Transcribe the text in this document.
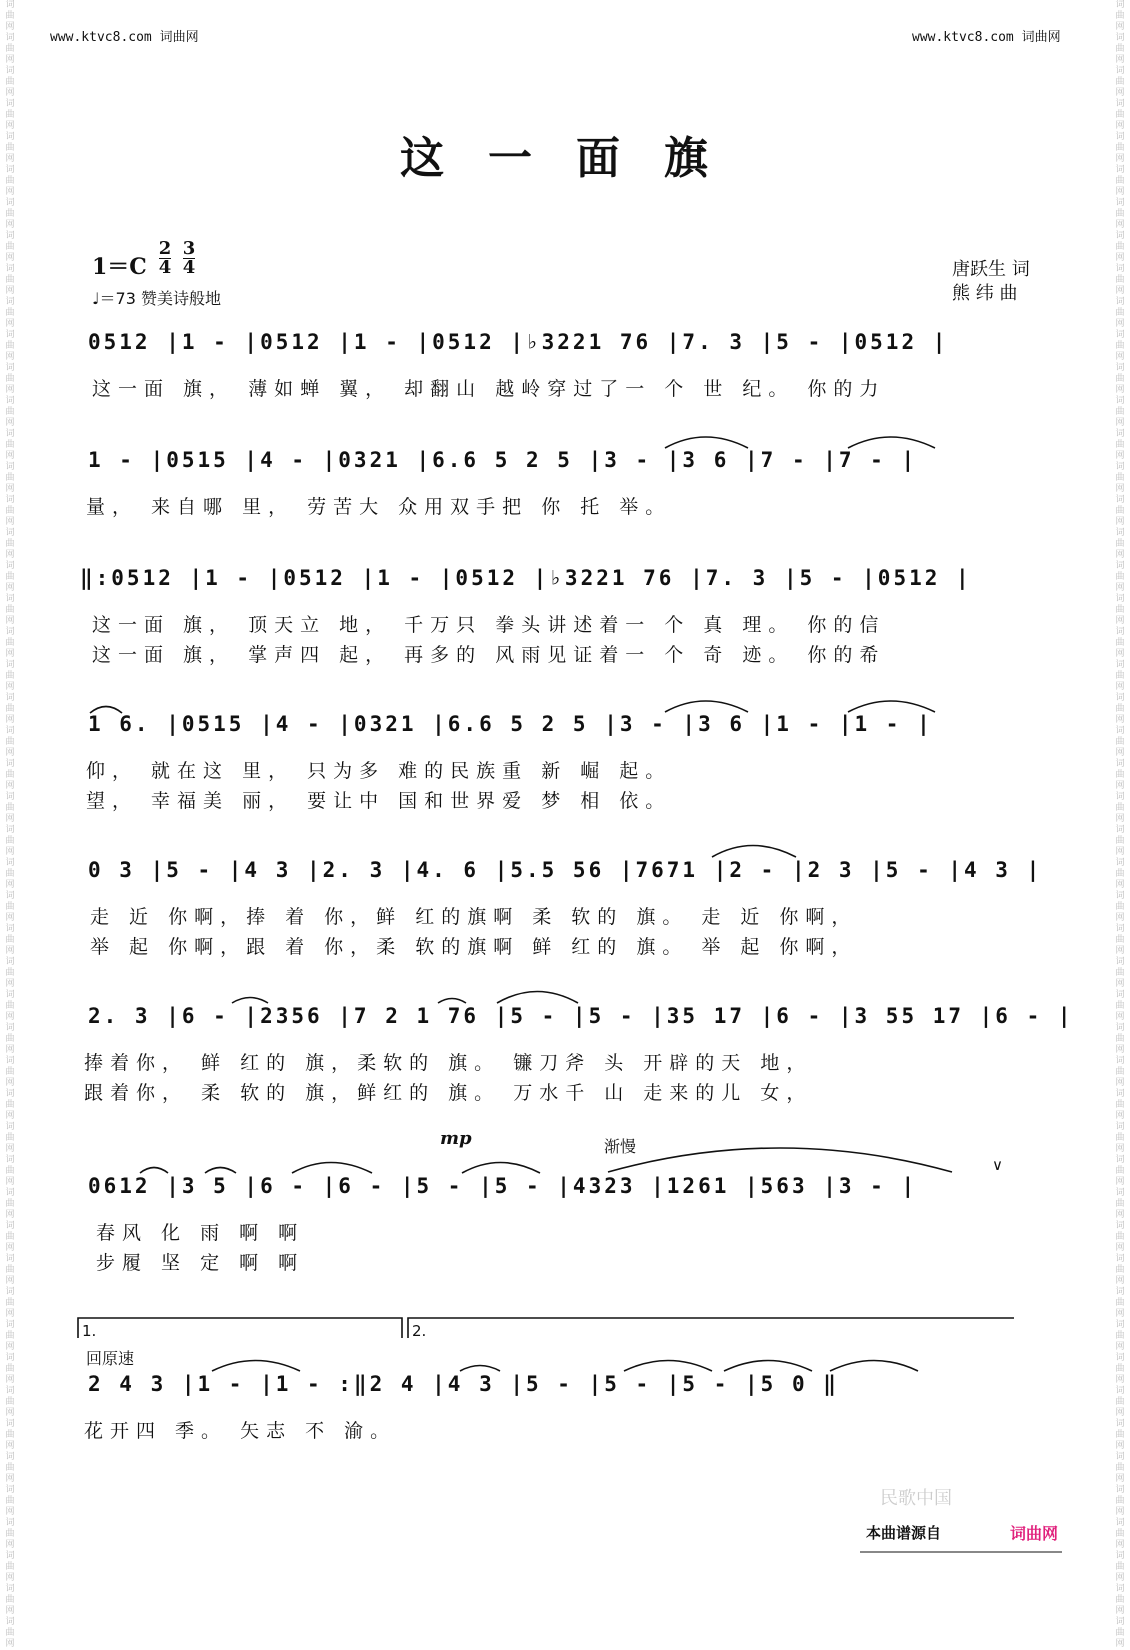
词曲网词曲网词曲网词曲网词曲网词曲网词曲网词曲网词曲网词曲网词曲网词曲网词曲网词曲网词曲网词曲网词曲网词曲网词曲网词曲网词曲网词曲网词曲网词曲网词曲网词曲网词曲网词曲网词曲网词曲网词曲网词曲网词曲网词曲网词曲网词曲网词曲网词曲网词曲网词曲网词曲网词曲网词曲网词曲网词曲网词曲网词曲网词曲网词曲网词曲网
词曲网词曲网词曲网词曲网词曲网词曲网词曲网词曲网词曲网词曲网词曲网词曲网词曲网词曲网词曲网词曲网词曲网词曲网词曲网词曲网词曲网词曲网词曲网词曲网词曲网词曲网词曲网词曲网词曲网词曲网词曲网词曲网词曲网词曲网词曲网词曲网词曲网词曲网词曲网词曲网词曲网词曲网词曲网词曲网词曲网词曲网词曲网词曲网词曲网词曲网
www.ktvc8.com 词曲网	www.ktvc8.com 词曲网
这一面旗
1＝C
2
4
3
4
♩＝73 赞美诗般地
唐跃生 词
熊 纬 曲
0512 |1 - |0512 |1 - |0512 |♭3221 76 |7. 3 |5 - |0512 |
这一面 旗， 薄如蝉 翼， 却翻山 越岭穿过了一 个 世 纪。 你的力
1 - |0515 |4 - |0321 |6.6 5 2 5 |3 - |3 6 |7 - |7 - |
量， 来自哪 里， 劳苦大 众用双手把 你 托 举。
‖:0512 |1 - |0512 |1 - |0512 |♭3221 76 |7. 3 |5 - |0512 |
这一面 旗， 顶天立 地， 千万只 拳头讲述着一 个 真 理。 你的信
这一面 旗， 掌声四 起， 再多的 风雨见证着一 个 奇 迹。 你的希
1 6. |0515 |4 - |0321 |6.6 5 2 5 |3 - |3 6 |1 - |1 - |
仰， 就在这 里， 只为多 难的民族重 新 崛 起。
望， 幸福美 丽， 要让中 国和世界爱 梦 相 依。
0 3 |5 - |4 3 |2. 3 |4. 6 |5.5 56 |7671 |2 - |2 3 |5 - |4 3 |
走 近 你啊，捧 着 你，鲜 红的旗啊 柔 软的 旗。 走 近 你啊，
举 起 你啊，跟 着 你，柔 软的旗啊 鲜 红的 旗。 举 起 你啊，
2. 3 |6 - |2356 |7 2 1 76 |5 - |5 - |35 17 |6 - |3 55 17 |6 - |
捧着你， 鲜 红的 旗，柔软的 旗。 镰刀斧 头 开辟的天 地，
跟着你， 柔 软的 旗，鲜红的 旗。 万水千 山 走来的儿 女，
mp	渐慢
∨
0612 |3 5 |6 - |6 - |5 - |5 - |4323 |1261 |563 |3 - |
春风 化 雨 啊 啊
步履 坚 定 啊 啊
1.	2.
回原速
2 4 3 |1 - |1 - :‖2 4 |4 3 |5 - |5 - |5 - |5 0 ‖
花开四 季。 矢志 不 渝。
民歌中国
本曲谱源自	词曲网
